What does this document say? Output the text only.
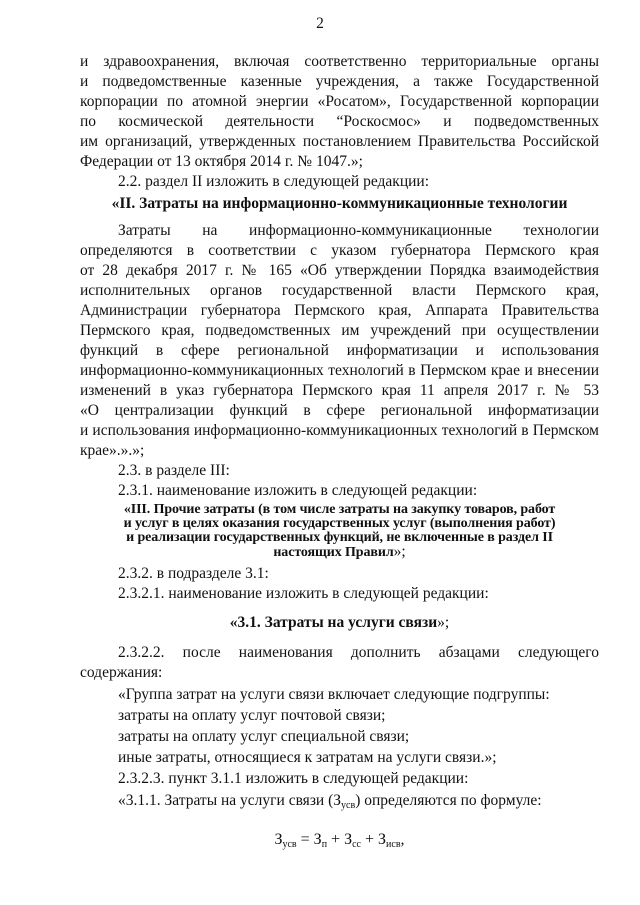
2
и здравоохранения, включая соответственно территориальные органы
и подведомственные казенные учреждения, а также Государственной
корпорации по атомной энергии «Росатом», Государственной корпорации
по космической деятельности “Роскосмос» и подведомственных
им организаций, утвержденных постановлением Правительства Российской
Федерации от 13 октября 2014 г. № 1047.»;
2.2. раздел II изложить в следующей редакции:
«II. Затраты на информационно-коммуникационные технологии
Затраты на информационно-коммуникационные технологии
определяются в соответствии с указом губернатора Пермского края
от 28 декабря 2017 г. № 165 «Об утверждении Порядка взаимодействия
исполнительных органов государственной власти Пермского края,
Администрации губернатора Пермского края, Аппарата Правительства
Пермского края, подведомственных им учреждений при осуществлении
функций в сфере региональной информатизации и использования
информационно-коммуникационных технологий в Пермском крае и внесении
изменений в указ губернатора Пермского края 11 апреля 2017 г. № 53
«О централизации функций в сфере региональной информатизации
и использования информационно-коммуникационных технологий в Пермском
крае».».»;
2.3. в разделе III:
2.3.1. наименование изложить в следующей редакции:
«III. Прочие затраты (в том числе затраты на закупку товаров, работ
и услуг в целях оказания государственных услуг (выполнения работ)
и реализации государственных функций, не включенные в раздел II
настоящих Правил»;
2.3.2. в подразделе 3.1:
2.3.2.1. наименование изложить в следующей редакции:
«3.1. Затраты на услуги связи»;
2.3.2.2. после наименования дополнить абзацами следующего
содержания:
«Группа затрат на услуги связи включает следующие подгруппы:
затраты на оплату услуг почтовой связи;
затраты на оплату услуг специальной связи;
иные затраты, относящиеся к затратам на услуги связи.»;
2.3.2.3. пункт 3.1.1 изложить в следующей редакции:
«3.1.1. Затраты на услуги связи $(З_{усв})$ определяются по формуле:
$З_{усв} = З_п + З_{сс} + З_{исв}$,
